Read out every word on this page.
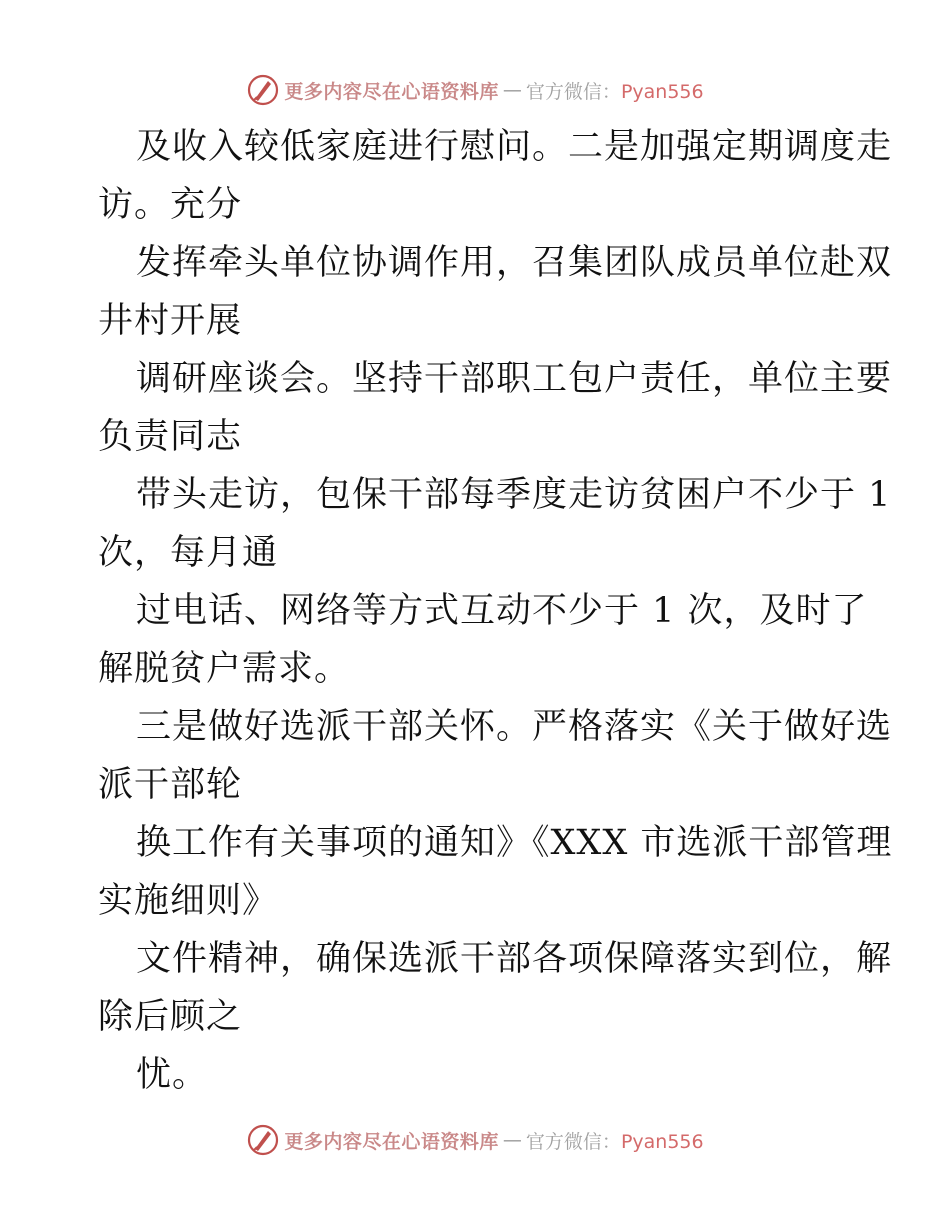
更多内容尽在心语资料库 — 官方微信：Pyan556
及收入较低家庭进行慰问。二是加强定期调度走
访。充分
发挥牵头单位协调作用，召集团队成员单位赴双
井村开展
调研座谈会。坚持干部职工包户责任，单位主要
负责同志
带头走访，包保干部每季度走访贫困户不少于 1
次，每月通
过电话、网络等方式互动不少于 1 次，及时了
解脱贫户需求。
三是做好选派干部关怀。严格落实《关于做好选
派干部轮
换工作有关事项的通知》《XXX 市选派干部管理
实施细则》
文件精神，确保选派干部各项保障落实到位，解
除后顾之
忧。
更多内容尽在心语资料库 — 官方微信：Pyan556
